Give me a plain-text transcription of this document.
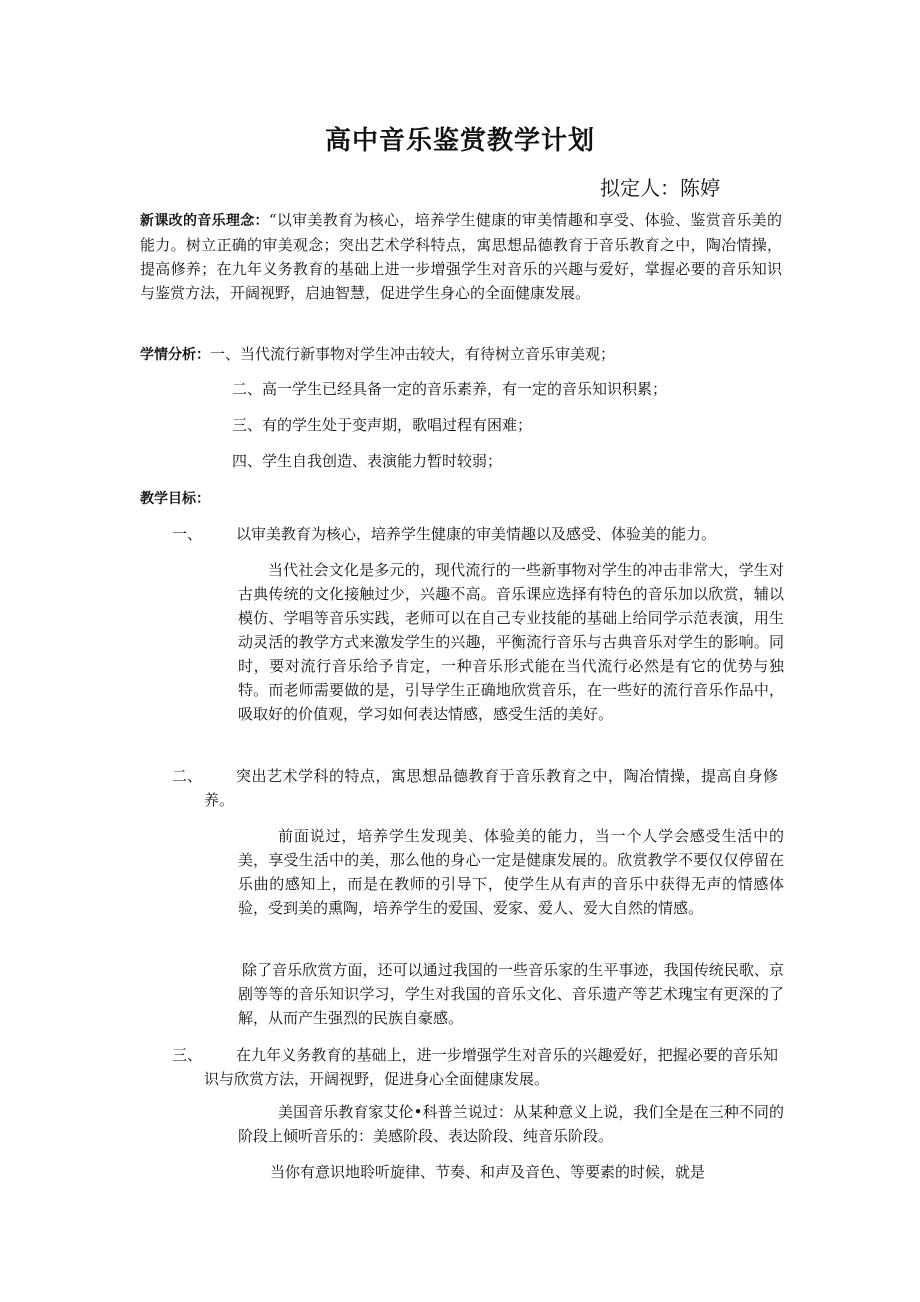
高中音乐鉴赏教学计划
拟定人：陈婷
新课改的音乐理念：“以审美教育为核心，培养学生健康的审美情趣和享受、体验、鉴赏音乐美的能力。树立正确的审美观念；突出艺术学科特点，寓思想品德教育于音乐教育之中，陶冶情操，提高修养；在九年义务教育的基础上进一步增强学生对音乐的兴趣与爱好，掌握必要的音乐知识与鉴赏方法，开阔视野，启迪智慧，促进学生身心的全面健康发展。
学情分析：一、当代流行新事物对学生冲击较大，有待树立音乐审美观；
二、高一学生已经具备一定的音乐素养，有一定的音乐知识积累；
三、有的学生处于变声期，歌唱过程有困难；
四、学生自我创造、表演能力暂时较弱；
教学目标：
一、 以审美教育为核心，培养学生健康的审美情趣以及感受、体验美的能力。
当代社会文化是多元的，现代流行的一些新事物对学生的冲击非常大，学生对古典传统的文化接触过少，兴趣不高。音乐课应选择有特色的音乐加以欣赏，辅以模仿、学唱等音乐实践，老师可以在自己专业技能的基础上给同学示范表演，用生动灵活的教学方式来激发学生的兴趣，平衡流行音乐与古典音乐对学生的影响。同时，要对流行音乐给予肯定，一种音乐形式能在当代流行必然是有它的优势与独特。而老师需要做的是，引导学生正确地欣赏音乐，在一些好的流行音乐作品中，吸取好的价值观，学习如何表达情感，感受生活的美好。
二、	突出艺术学科的特点，寓思想品德教育于音乐教育之中，陶冶情操，提高自身修养。
前面说过，培养学生发现美、体验美的能力，当一个人学会感受生活中的美，享受生活中的美，那么他的身心一定是健康发展的。欣赏教学不要仅仅停留在乐曲的感知上，而是在教师的引导下，使学生从有声的音乐中获得无声的情感体验，受到美的熏陶，培养学生的爱国、爱家、爱人、爱大自然的情感。
除了音乐欣赏方面，还可以通过我国的一些音乐家的生平事迹，我国传统民歌、京剧等等的音乐知识学习，学生对我国的音乐文化、音乐遗产等艺术瑰宝有更深的了解，从而产生强烈的民族自豪感。
三、	在九年义务教育的基础上，进一步增强学生对音乐的兴趣爱好，把握必要的音乐知识与欣赏方法，开阔视野，促进身心全面健康发展。
美国音乐教育家艾伦•科普兰说过：从某种意义上说，我们全是在三种不同的阶段上倾听音乐的：美感阶段、表达阶段、纯音乐阶段。
当你有意识地聆听旋律、节奏、和声及音色、等要素的时候，就是
